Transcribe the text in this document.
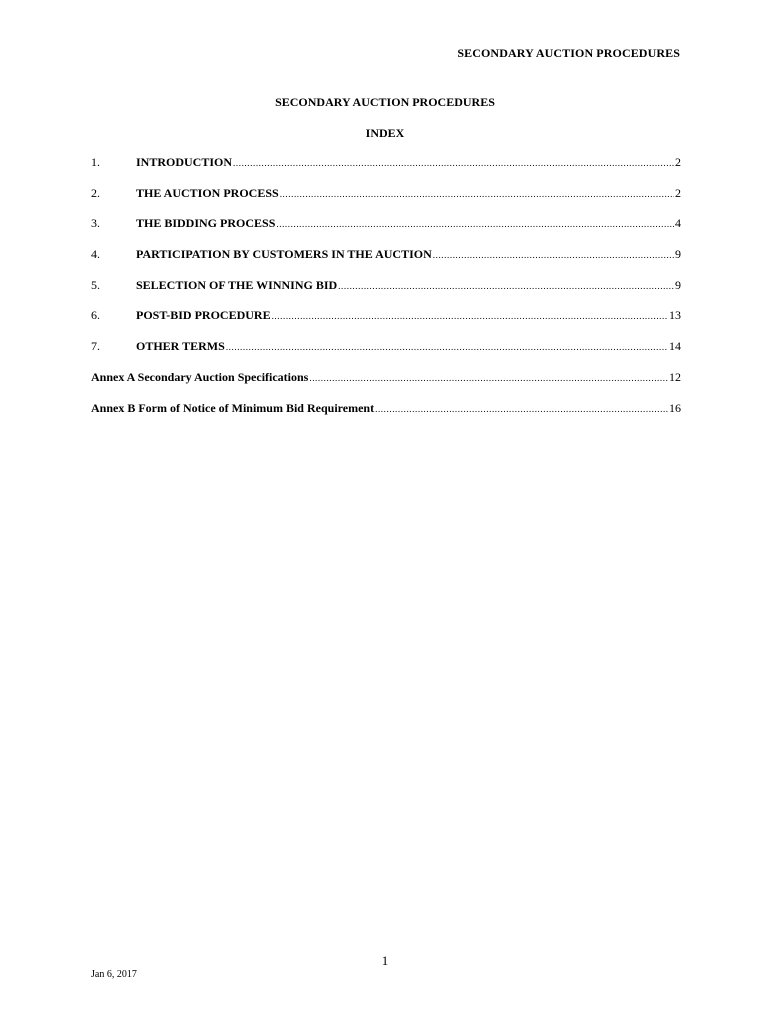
SECONDARY AUCTION PROCEDURES
SECONDARY AUCTION PROCEDURES
INDEX
1.	INTRODUCTION .....	2
2.	THE AUCTION PROCESS .....	2
3.	THE BIDDING PROCESS .....	4
4.	PARTICIPATION BY CUSTOMERS IN THE AUCTION .....	9
5.	SELECTION OF THE WINNING BID .....	9
6.	POST-BID PROCEDURE .....	13
7.	OTHER TERMS .....	14
Annex A Secondary Auction Specifications .....	12
Annex B Form of Notice of Minimum Bid Requirement .....	16
1
Jan 6, 2017
